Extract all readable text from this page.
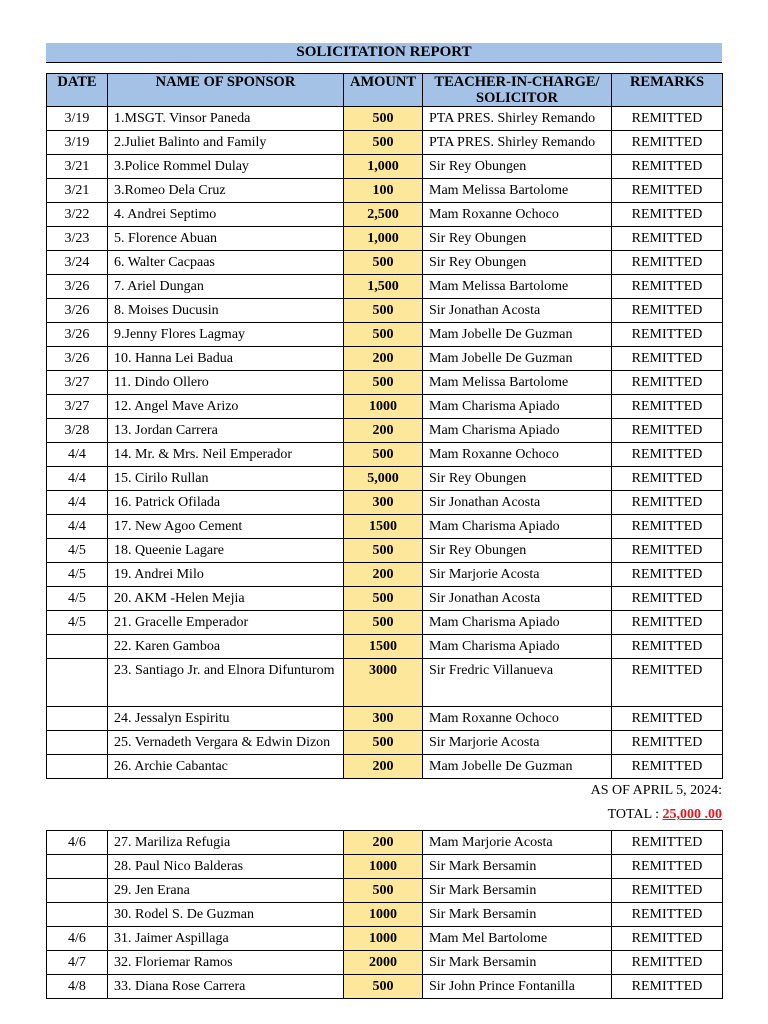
SOLICITATION REPORT
DATE	NAME OF SPONSOR	AMOUNT	TEACHER-IN-CHARGE/ SOLICITOR	REMARKS
3/19	1.MSGT. Vinsor Paneda	500	PTA PRES. Shirley Remando	REMITTED
3/19	2.Juliet Balinto and Family	500	PTA PRES. Shirley Remando	REMITTED
3/21	3.Police Rommel Dulay	1,000	Sir Rey Obungen	REMITTED
3/21	3.Romeo Dela Cruz	100	Mam Melissa Bartolome	REMITTED
3/22	4. Andrei Septimo	2,500	Mam Roxanne Ochoco	REMITTED
3/23	5. Florence Abuan	1,000	Sir Rey Obungen	REMITTED
3/24	6. Walter Cacpaas	500	Sir Rey Obungen	REMITTED
3/26	7. Ariel Dungan	1,500	Mam Melissa Bartolome	REMITTED
3/26	8. Moises Ducusin	500	Sir Jonathan Acosta	REMITTED
3/26	9.Jenny Flores Lagmay	500	Mam Jobelle De Guzman	REMITTED
3/26	10. Hanna Lei Badua	200	Mam Jobelle De Guzman	REMITTED
3/27	11. Dindo Ollero	500	Mam Melissa Bartolome	REMITTED
3/27	12. Angel Mave Arizo	1000	Mam Charisma Apiado	REMITTED
3/28	13. Jordan Carrera	200	Mam Charisma Apiado	REMITTED
4/4	14. Mr. & Mrs. Neil Emperador	500	Mam Roxanne Ochoco	REMITTED
4/4	15. Cirilo Rullan	5,000	Sir Rey Obungen	REMITTED
4/4	16. Patrick Ofilada	300	Sir Jonathan Acosta	REMITTED
4/4	17. New Agoo Cement	1500	Mam Charisma Apiado	REMITTED
4/5	18. Queenie Lagare	500	Sir Rey Obungen	REMITTED
4/5	19. Andrei Milo	200	Sir Marjorie Acosta	REMITTED
4/5	20. AKM -Helen Mejia	500	Sir Jonathan Acosta	REMITTED
4/5	21. Gracelle Emperador	500	Mam Charisma Apiado	REMITTED
	22. Karen Gamboa	1500	Mam Charisma Apiado	REMITTED
	23. Santiago Jr. and Elnora Difunturom	3000	Sir Fredric Villanueva	REMITTED
	24. Jessalyn Espiritu	300	Mam Roxanne Ochoco	REMITTED
	25. Vernadeth Vergara & Edwin Dizon	500	Sir Marjorie Acosta	REMITTED
	26. Archie Cabantac	200	Mam Jobelle De Guzman	REMITTED
AS OF APRIL 5, 2024:
TOTAL : 25,000 .00
4/6	27. Mariliza Refugia	200	Mam Marjorie Acosta	REMITTED
	28. Paul Nico Balderas	1000	Sir Mark Bersamin	REMITTED
	29. Jen Erana	500	Sir Mark Bersamin	REMITTED
	30. Rodel S. De Guzman	1000	Sir Mark Bersamin	REMITTED
4/6	31. Jaimer Aspillaga	1000	Mam Mel Bartolome	REMITTED
4/7	32. Floriemar Ramos	2000	Sir Mark Bersamin	REMITTED
4/8	33. Diana Rose Carrera	500	Sir John Prince Fontanilla	REMITTED
